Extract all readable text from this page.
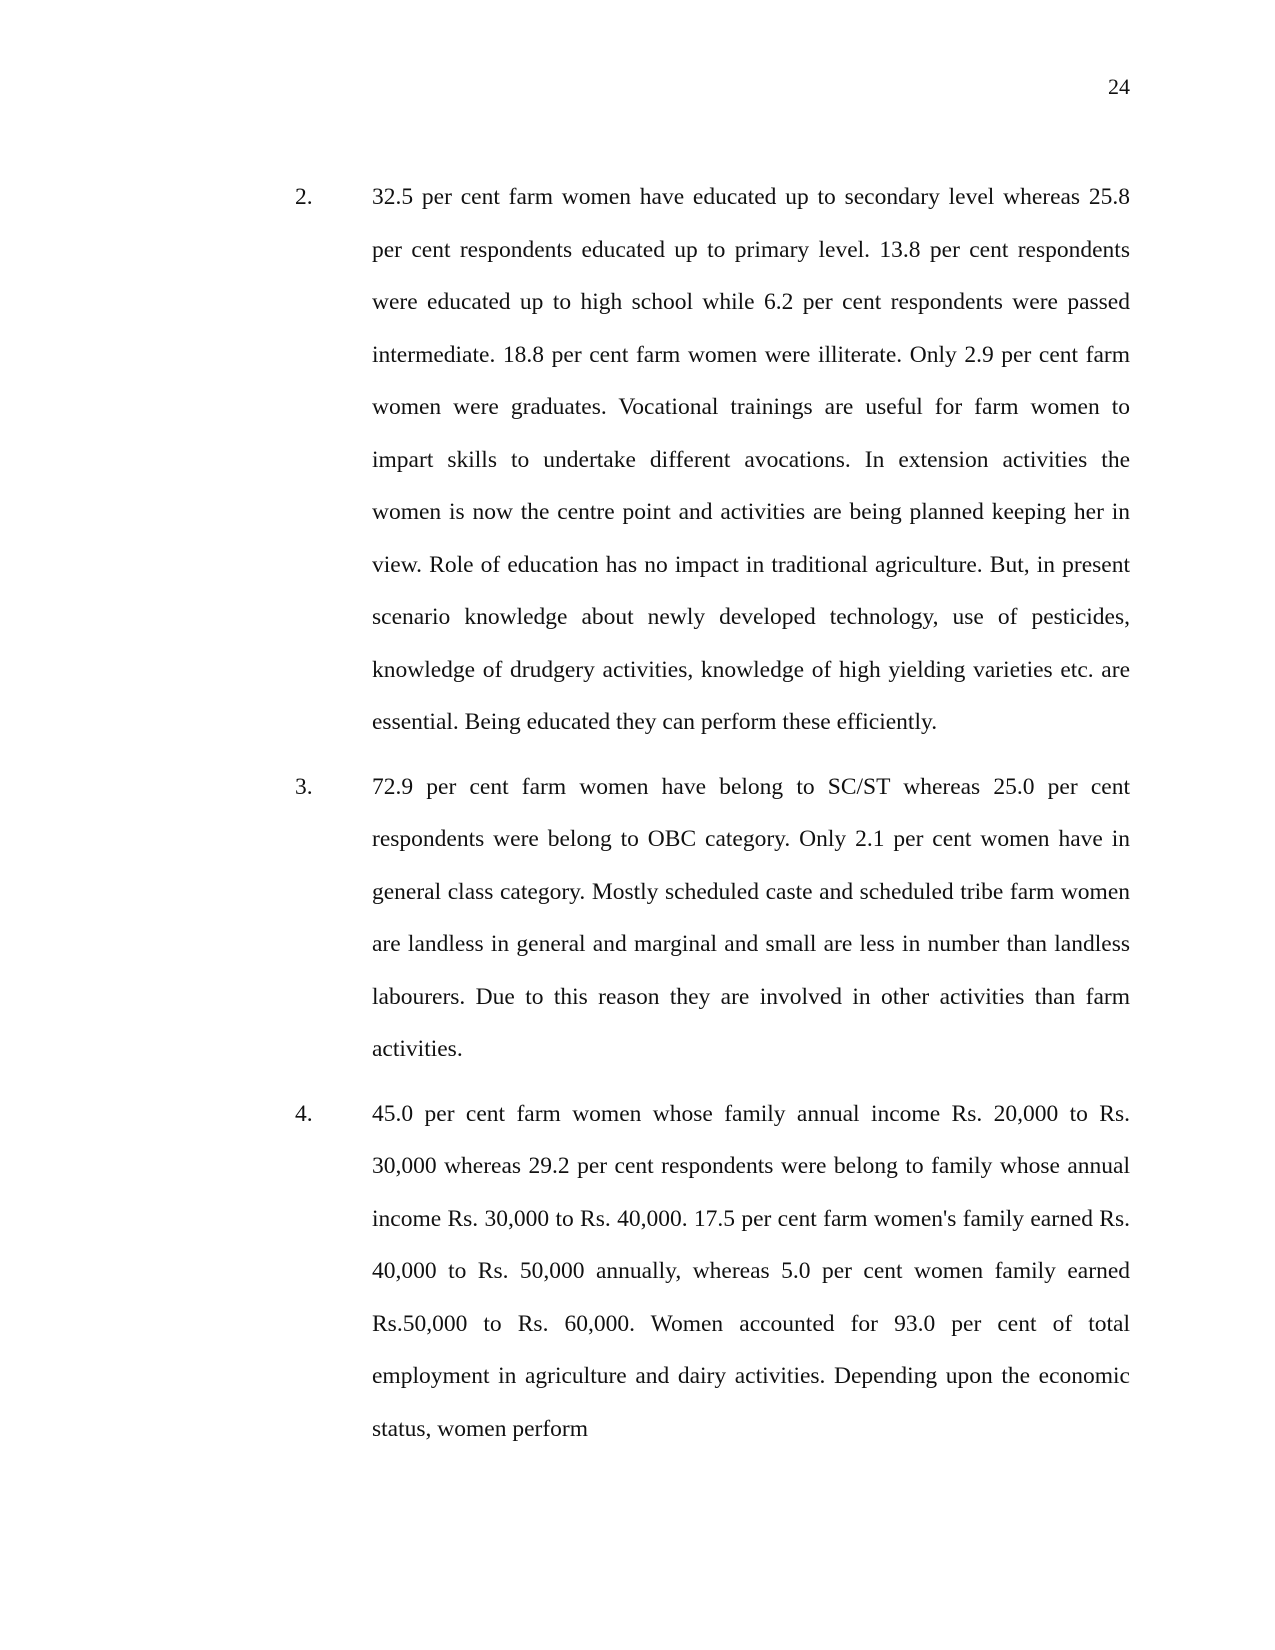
24
2.	32.5 per cent farm women have educated up to secondary level whereas 25.8 per cent respondents educated up to primary level. 13.8 per cent respondents were educated up to high school while 6.2 per cent respondents were passed intermediate. 18.8 per cent farm women were illiterate. Only 2.9 per cent farm women were graduates. Vocational trainings are useful for farm women to impart skills to undertake different avocations. In extension activities the women is now the centre point and activities are being planned keeping her in view. Role of education has no impact in traditional agriculture. But, in present scenario knowledge about newly developed technology, use of pesticides, knowledge of drudgery activities, knowledge of high yielding varieties etc. are essential. Being educated they can perform these efficiently.

3.	72.9 per cent farm women have belong to SC/ST whereas 25.0 per cent respondents were belong to OBC category. Only 2.1 per cent women have in general class category. Mostly scheduled caste and scheduled tribe farm women are landless in general and marginal and small are less in number than landless labourers. Due to this reason they are involved in other activities than farm activities.

4.	45.0 per cent farm women whose family annual income Rs. 20,000 to Rs. 30,000 whereas 29.2 per cent respondents were belong to family whose annual income Rs. 30,000 to Rs. 40,000. 17.5 per cent farm women's family earned Rs. 40,000 to Rs. 50,000 annually, whereas 5.0 per cent women family earned Rs.50,000 to Rs. 60,000. Women accounted for 93.0 per cent of total employment in agriculture and dairy activities. Depending upon the economic status, women perform
